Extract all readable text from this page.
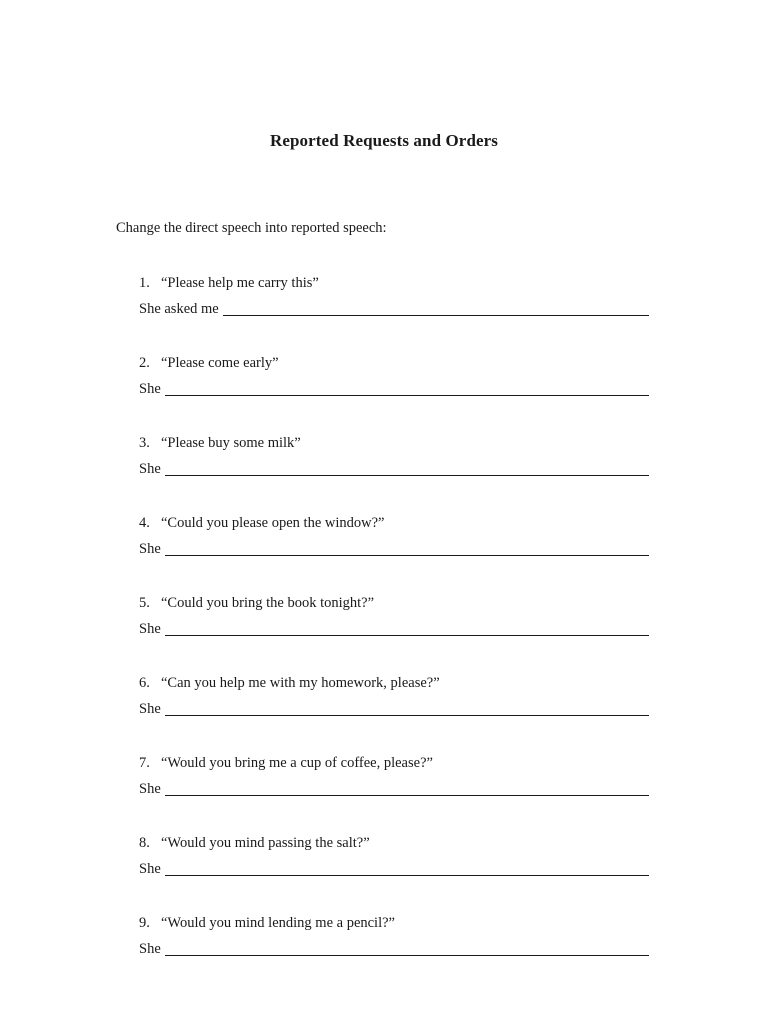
Reported Requests and Orders
Change the direct speech into reported speech:
1. “Please help me carry this”
She asked me
2. “Please come early”
She
3. “Please buy some milk”
She
4. “Could you please open the window?”
She
5. “Could you bring the book tonight?”
She
6. “Can you help me with my homework, please?”
She
7. “Would you bring me a cup of coffee, please?”
She
8. “Would you mind passing the salt?”
She
9. “Would you mind lending me a pencil?”
She
